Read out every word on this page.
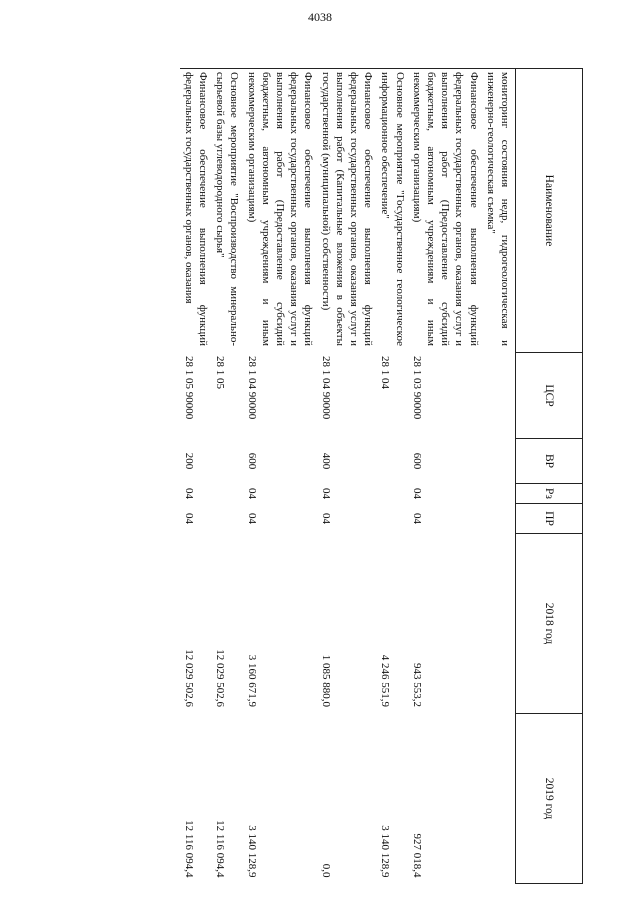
4038
Наименование	ЦСР	ВР	Рз	ПР	2018 год	2019 год
мониторинг состояния недр, гидрогеологическая и инженерно-геологическая съемка"						
Финансовое обеспечение выполнения функций федеральных государственных органов, оказания услуг и выполнения работ (Предоставление субсидий бюджетным, автономным учреждениям и иным некоммерческим организациям)	28 1 03 90000	600	04	04	943 553,2	927 018,4
Основное мероприятие "Государственное геологическое информационное обеспечение"	28 1 04				4 246 551,9	3 140 128,9
Финансовое обеспечение выполнения функций федеральных государственных органов, оказания услуг и выполнения работ (Капитальные вложения в объекты государственной (муниципальной) собственности)	28 1 04 90000	400	04	04	1 085 880,0	0,0
Финансовое обеспечение выполнения функций федеральных государственных органов, оказания услуг и выполнения работ (Предоставление субсидий бюджетным, автономным учреждениям и иным некоммерческим организациям)	28 1 04 90000	600	04	04	3 160 671,9	3 140 128,9
Основное мероприятие "Воспроизводство минерально-сырьевой базы углеводородного сырья"	28 1 05				12 029 502,6	12 116 094,4
Финансовое обеспечение выполнения функций федеральных государственных органов, оказания	28 1 05 90000	200	04	04	12 029 502,6	12 116 094,4
